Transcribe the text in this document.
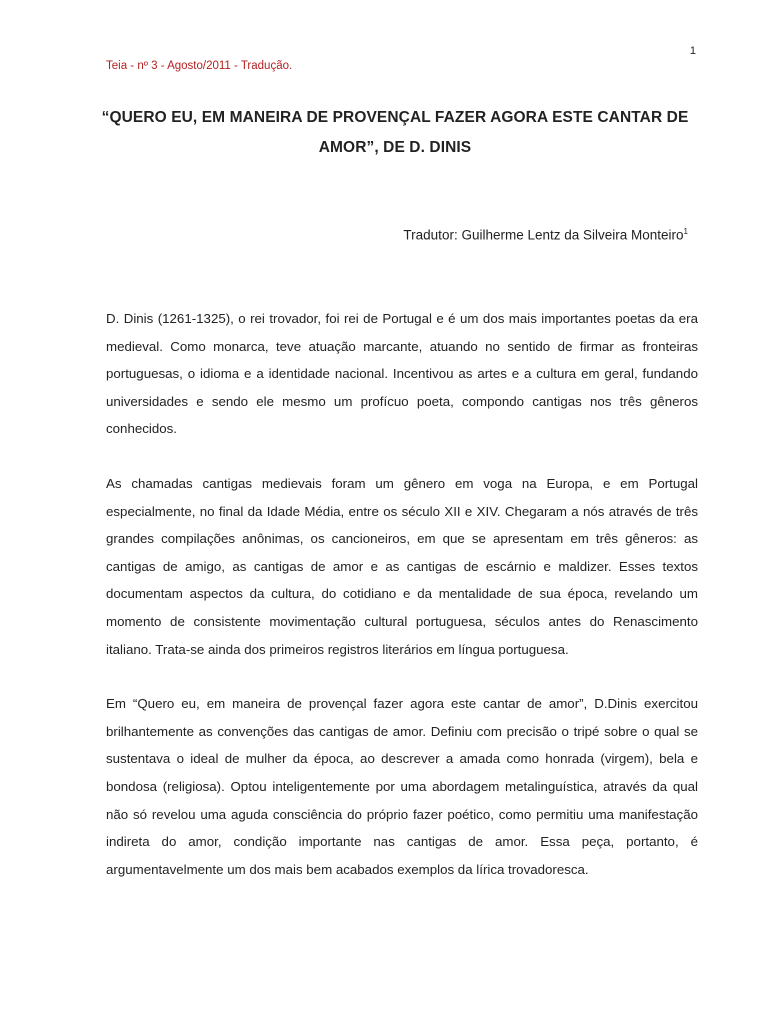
1
Teia - nº 3 - Agosto/2011 - Tradução.
“QUERO EU, EM MANEIRA DE PROVENÇAL FAZER AGORA ESTE CANTAR DE AMOR”, DE D. DINIS
Tradutor: Guilherme Lentz da Silveira Monteiro$^1$

D. Dinis (1261-1325), o rei trovador, foi rei de Portugal e é um dos mais importantes poetas da era medieval. Como monarca, teve atuação marcante, atuando no sentido de firmar as fronteiras portuguesas, o idioma e a identidade nacional. Incentivou as artes e a cultura em geral, fundando universidades e sendo ele mesmo um profícuo poeta, compondo cantigas nos três gêneros conhecidos.

As chamadas cantigas medievais foram um gênero em voga na Europa, e em Portugal especialmente, no final da Idade Média, entre os século XII e XIV. Chegaram a nós através de três grandes compilações anônimas, os cancioneiros, em que se apresentam em três gêneros: as cantigas de amigo, as cantigas de amor e as cantigas de escárnio e maldizer. Esses textos documentam aspectos da cultura, do cotidiano e da mentalidade de sua época, revelando um momento de consistente movimentação cultural portuguesa, séculos antes do Renascimento italiano. Trata-se ainda dos primeiros registros literários em língua portuguesa.

Em “Quero eu, em maneira de provençal fazer agora este cantar de amor”, D.Dinis exercitou brilhantemente as convenções das cantigas de amor. Definiu com precisão o tripé sobre o qual se sustentava o ideal de mulher da época, ao descrever a amada como honrada (virgem), bela e bondosa (religiosa). Optou inteligentemente por uma abordagem metalinguística, através da qual não só revelou uma aguda consciência do próprio fazer poético, como permitiu uma manifestação indireta do amor, condição importante nas cantigas de amor. Essa peça, portanto, é argumentavelmente um dos mais bem acabados exemplos da lírica trovadoresca.
